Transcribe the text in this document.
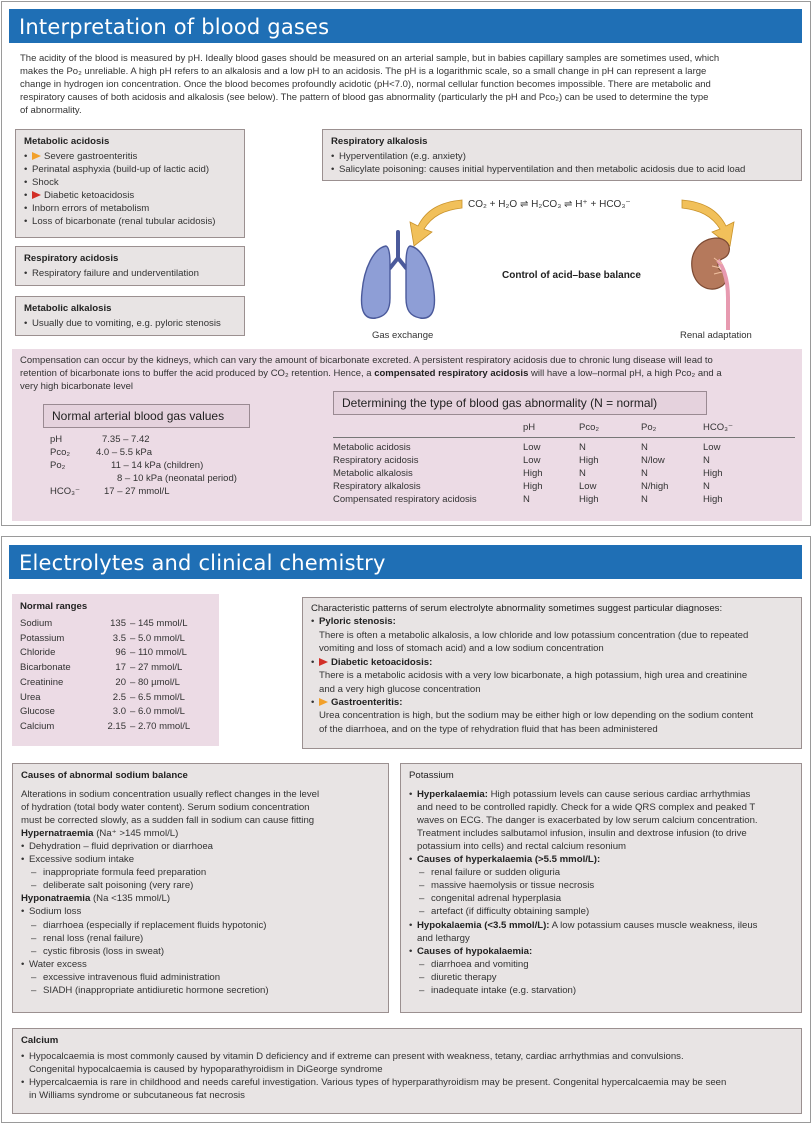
Interpretation of blood gases
The acidity of the blood is measured by pH. Ideally blood gases should be measured on an arterial sample, but in babies capillary samples are sometimes used, which
makes the Po₂ unreliable. A high pH refers to an alkalosis and a low pH to an acidosis. The pH is a logarithmic scale, so a small change in pH can represent a large
change in hydrogen ion concentration. Once the blood becomes profoundly acidotic (pH<7.0), normal cellular function becomes impossible. There are metabolic and
respiratory causes of both acidosis and alkalosis (see below). The pattern of blood gas abnormality (particularly the pH and Pco₂) can be used to determine the type
of abnormality.
Metabolic acidosis
• Severe gastroenteritis
• Perinatal asphyxia (build-up of lactic acid)
• Shock
• Diabetic ketoacidosis
• Inborn errors of metabolism
• Loss of bicarbonate (renal tubular acidosis)
Respiratory acidosis
• Respiratory failure and underventilation
Metabolic alkalosis
• Usually due to vomiting, e.g. pyloric stenosis
Respiratory alkalosis
• Hyperventilation (e.g. anxiety)
• Salicylate poisoning: causes initial hyperventilation and then metabolic acidosis due to acid load
CO₂ + H₂O ⇌ H₂CO₃ ⇌ H⁺ + HCO₃⁻
Control of acid–base balance
Gas exchange	Renal adaptation
Compensation can occur by the kidneys, which can vary the amount of bicarbonate excreted. A persistent respiratory acidosis due to chronic lung disease will lead to
retention of bicarbonate ions to buffer the acid produced by CO₂ retention. Hence, a compensated respiratory acidosis will have a low–normal pH, a high Pco₂ and a
very high bicarbonate level
Normal arterial blood gas values
pH	7.35 – 7.42
Pco₂	4.0 – 5.5 kPa
Po₂	11 – 14 kPa (children)
	8 – 10 kPa (neonatal period)
HCO₃⁻	17 – 27 mmol/L
Determining the type of blood gas abnormality (N = normal)
	pH	Pco₂	Po₂	HCO₃⁻
Metabolic acidosis	Low	N	N	Low
Respiratory acidosis	Low	High	N/low	N
Metabolic alkalosis	High	N	N	High
Respiratory alkalosis	High	Low	N/high	N
Compensated respiratory acidosis	N	High	N	High
Electrolytes and clinical chemistry
Normal ranges
Sodium	135	– 145 mmol/L
Potassium	3.5	– 5.0 mmol/L
Chloride	96	– 110 mmol/L
Bicarbonate	17	– 27 mmol/L
Creatinine	20	– 80 µmol/L
Urea	2.5	– 6.5 mmol/L
Glucose	3.0	– 6.0 mmol/L
Calcium	2.15	– 2.70 mmol/L
Characteristic patterns of serum electrolyte abnormality sometimes suggest particular diagnoses:
• Pyloric stenosis:
There is often a metabolic alkalosis, a low chloride and low potassium concentration (due to repeated
vomiting and loss of stomach acid) and a low sodium concentration
• Diabetic ketoacidosis:
There is a metabolic acidosis with a very low bicarbonate, a high potassium, high urea and creatinine
and a very high glucose concentration
• Gastroenteritis:
Urea concentration is high, but the sodium may be either high or low depending on the sodium content
of the diarrhoea, and on the type of rehydration fluid that has been administered
Causes of abnormal sodium balance
Alterations in sodium concentration usually reflect changes in the level
of hydration (total body water content). Serum sodium concentration
must be corrected slowly, as a sudden fall in sodium can cause fitting
Hypernatraemia (Na⁺ >145 mmol/L)
• Dehydration – fluid deprivation or diarrhoea
• Excessive sodium intake
– inappropriate formula feed preparation
– deliberate salt poisoning (very rare)
Hyponatraemia (Na <135 mmol/L)
• Sodium loss
– diarrhoea (especially if replacement fluids hypotonic)
– renal loss (renal failure)
– cystic fibrosis (loss in sweat)
• Water excess
– excessive intravenous fluid administration
– SIADH (inappropriate antidiuretic hormone secretion)
Potassium
• Hyperkalaemia: High potassium levels can cause serious cardiac arrhythmias
and need to be controlled rapidly. Check for a wide QRS complex and peaked T
waves on ECG. The danger is exacerbated by low serum calcium concentration.
Treatment includes salbutamol infusion, insulin and dextrose infusion (to drive
potassium into cells) and rectal calcium resonium
• Causes of hyperkalaemia (>5.5 mmol/L):
– renal failure or sudden oliguria
– massive haemolysis or tissue necrosis
– congenital adrenal hyperplasia
– artefact (if difficulty obtaining sample)
• Hypokalaemia (<3.5 mmol/L): A low potassium causes muscle weakness, ileus
and lethargy
• Causes of hypokalaemia:
– diarrhoea and vomiting
– diuretic therapy
– inadequate intake (e.g. starvation)
Calcium
• Hypocalcaemia is most commonly caused by vitamin D deficiency and if extreme can present with weakness, tetany, cardiac arrhythmias and convulsions.
Congenital hypocalcaemia is caused by hypoparathyroidism in DiGeorge syndrome
• Hypercalcaemia is rare in childhood and needs careful investigation. Various types of hyperparathyroidism may be present. Congenital hypercalcaemia may be seen
in Williams syndrome or subcutaneous fat necrosis
